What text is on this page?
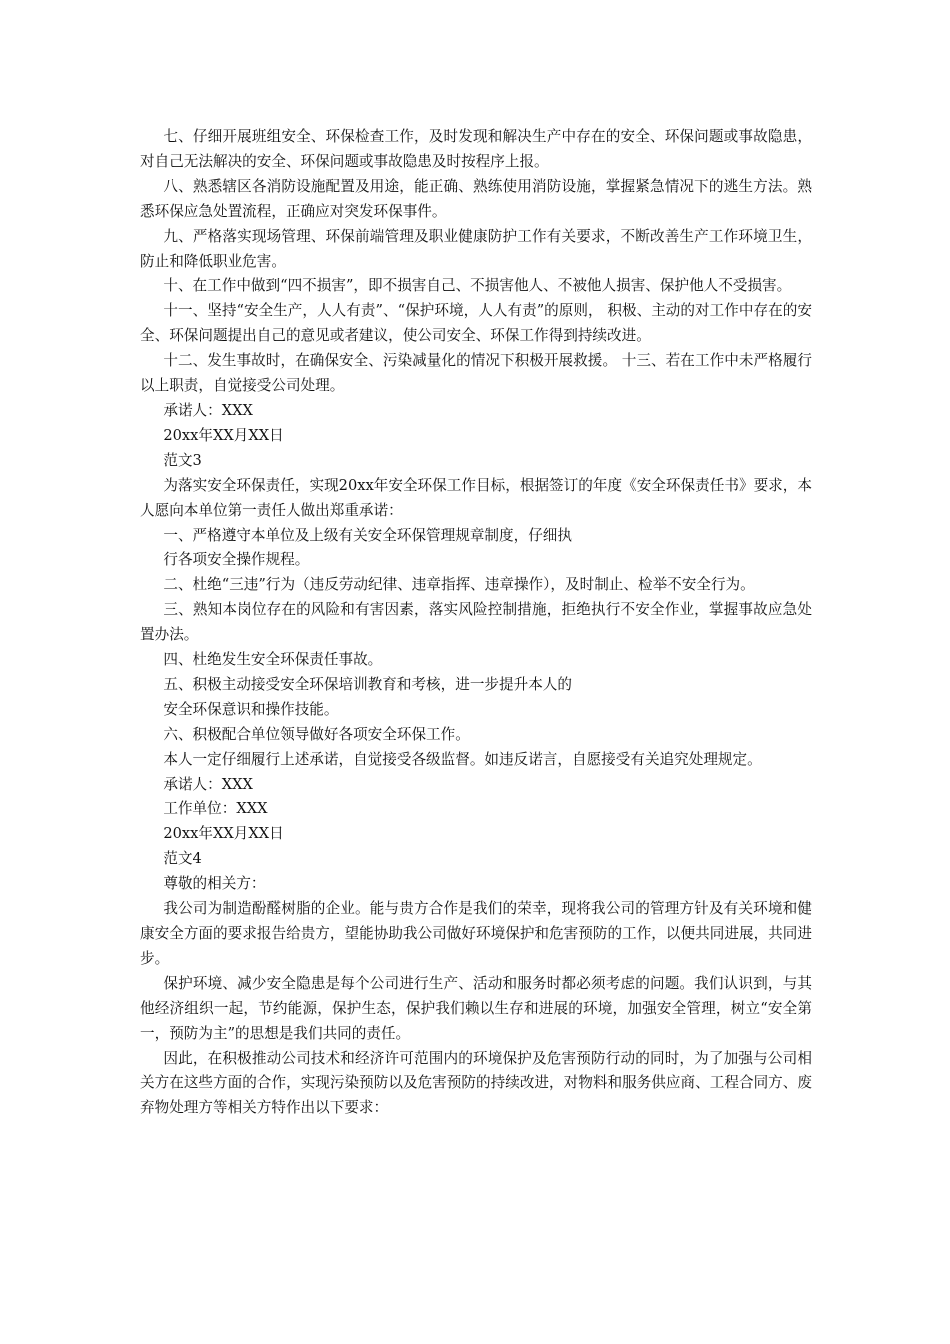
七、仔细开展班组安全、环保检查工作，及时发现和解决生产中存在的安全、环保问题或事故隐患，对自己无法解决的安全、环保问题或事故隐患及时按程序上报。

八、熟悉辖区各消防设施配置及用途，能正确、熟练使用消防设施，掌握紧急情况下的逃生方法。熟悉环保应急处置流程，正确应对突发环保事件。

九、严格落实现场管理、环保前端管理及职业健康防护工作有关要求，不断改善生产工作环境卫生，防止和降低职业危害。

十、在工作中做到“四不损害”，即不损害自己、不损害他人、不被他人损害、保护他人不受损害。

十一、坚持“安全生产，人人有责”、“保护环境，人人有责”的原则， 积极、主动的对工作中存在的安全、环保问题提出自己的意见或者建议，使公司安全、环保工作得到持续改进。

十二、发生事故时，在确保安全、污染减量化的情况下积极开展救援。 十三、若在工作中未严格履行以上职责，自觉接受公司处理。

承诺人：XXX

20xx年XX月XX日

范文3

为落实安全环保责任，实现20xx年安全环保工作目标，根据签订的年度《安全环保责任书》要求，本人愿向本单位第一责任人做出郑重承诺：

一、严格遵守本单位及上级有关安全环保管理规章制度，仔细执

行各项安全操作规程。

二、杜绝“三违”行为（违反劳动纪律、违章指挥、违章操作），及时制止、检举不安全行为。

三、熟知本岗位存在的风险和有害因素，落实风险控制措施，拒绝执行不安全作业，掌握事故应急处置办法。

四、杜绝发生安全环保责任事故。

五、积极主动接受安全环保培训教育和考核，进一步提升本人的

安全环保意识和操作技能。

六、积极配合单位领导做好各项安全环保工作。

本人一定仔细履行上述承诺，自觉接受各级监督。如违反诺言，自愿接受有关追究处理规定。

承诺人：XXX

工作单位：XXX

20xx年XX月XX日

范文4

尊敬的相关方：

我公司为制造酚醛树脂的企业。能与贵方合作是我们的荣幸，现将我公司的管理方针及有关环境和健康安全方面的要求报告给贵方，望能协助我公司做好环境保护和危害预防的工作，以便共同进展，共同进步。

保护环境、减少安全隐患是每个公司进行生产、活动和服务时都必须考虑的问题。我们认识到，与其他经济组织一起，节约能源，保护生态，保护我们赖以生存和进展的环境，加强安全管理，树立“安全第一，预防为主”的思想是我们共同的责任。

因此，在积极推动公司技术和经济许可范围内的环境保护及危害预防行动的同时，为了加强与公司相关方在这些方面的合作，实现污染预防以及危害预防的持续改进，对物料和服务供应商、工程合同方、废弃物处理方等相关方特作出以下要求：
